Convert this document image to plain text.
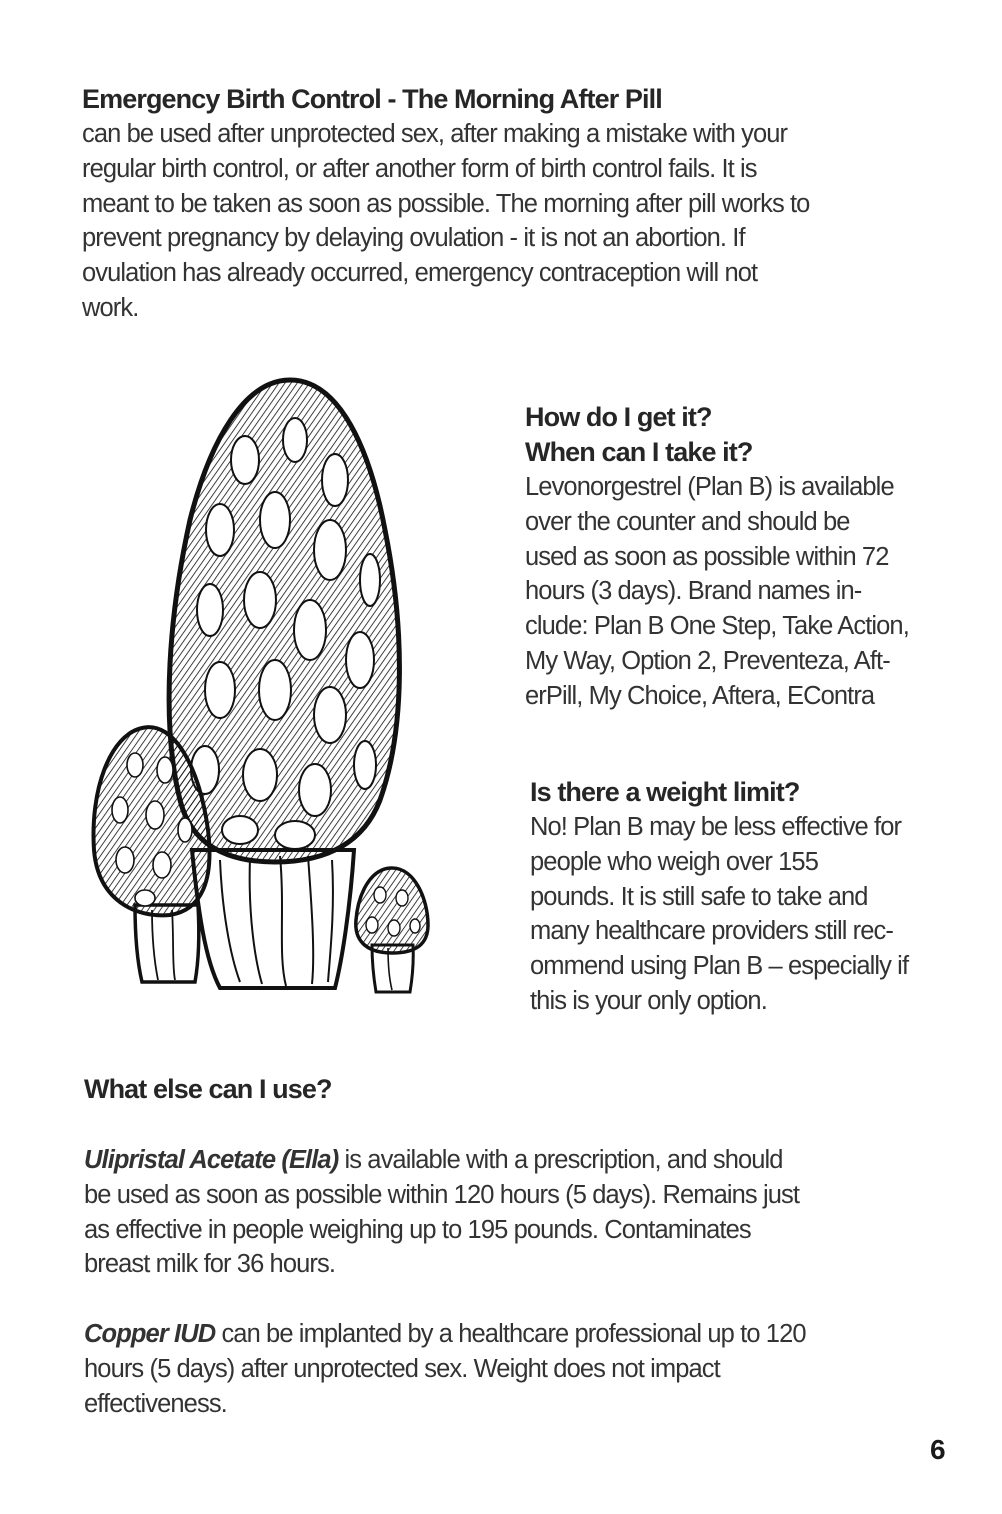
Emergency Birth Control - The Morning After Pill

can be used after unprotected sex, after making a mistake with your
regular birth control, or after another form of birth control fails. It is
meant to be taken as soon as possible. The morning after pill works to
prevent pregnancy by delaying ovulation - it is not an abortion. If
ovulation has already occurred, emergency contraception will not
work.

How do I get it?
When can I take it?

Levonorgestrel (Plan B) is available
over the counter and should be
used as soon as possible within 72
hours (3 days). Brand names in-
clude: Plan B One Step, Take Action,
My Way, Option 2, Preventeza, Aft-
erPill, My Choice, Aftera, EContra

Is there a weight limit?

No! Plan B may be less effective for
people who weigh over 155
pounds. It is still safe to take and
many healthcare providers still rec-
ommend using Plan B – especially if
this is your only option.

What else can I use?

Ulipristal Acetate (Ella) is available with a prescription, and should
be used as soon as possible within 120 hours (5 days). Remains just
as effective in people weighing up to 195 pounds. Contaminates
breast milk for 36 hours.

Copper IUD can be implanted by a healthcare professional up to 120
hours (5 days) after unprotected sex. Weight does not impact
effectiveness.

6
